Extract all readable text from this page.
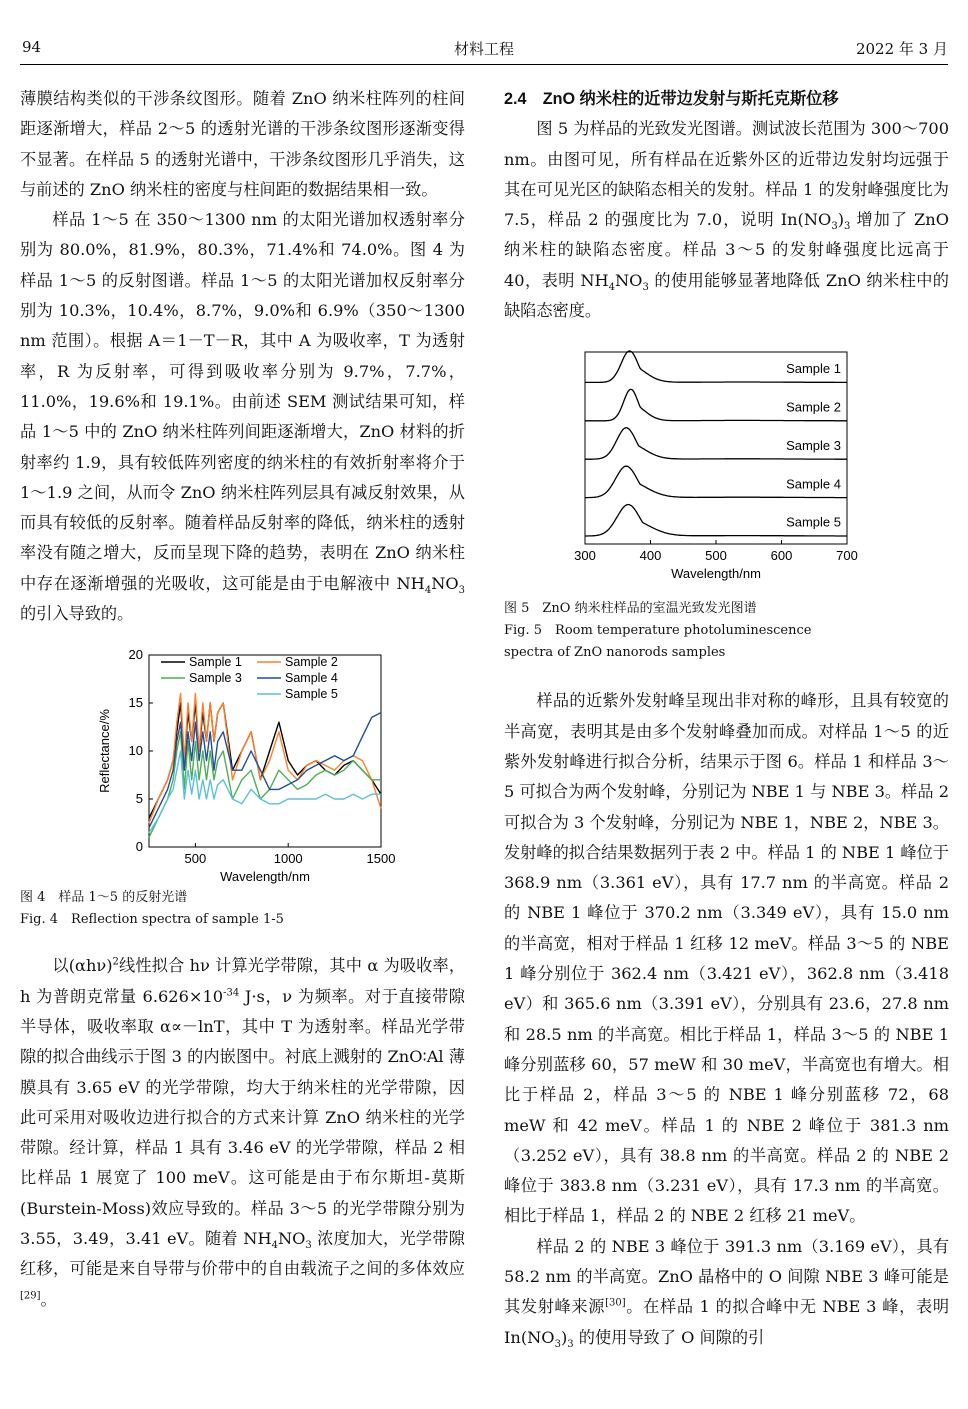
94	材料工程	2022 年 3 月

薄膜结构类似的干涉条纹图形。随着 ZnO 纳米柱阵列的柱间距逐渐增大，样品 2～5 的透射光谱的干涉条纹图形逐渐变得不显著。在样品 5 的透射光谱中，干涉条纹图形几乎消失，这与前述的 ZnO 纳米柱的密度与柱间距的数据结果相一致。

样品 1～5 在 350～1300 nm 的太阳光谱加权透射率分别为 80.0%，81.9%，80.3%，71.4%和 74.0%。图 4 为样品 1～5 的反射图谱。样品 1～5 的太阳光谱加权反射率分别为 10.3%，10.4%，8.7%，9.0%和 6.9%（350～1300 nm 范围）。根据 A＝1－T－R，其中 A 为吸收率，T 为透射率，R 为反射率，可得到吸收率分别为 9.7%，7.7%，11.0%，19.6%和 19.1%。由前述 SEM 测试结果可知，样品 1～5 中的 ZnO 纳米柱阵列间距逐渐增大，ZnO 材料的折射率约 1.9，具有较低阵列密度的纳米柱的有效折射率将介于 1～1.9 之间，从而令 ZnO 纳米柱阵列层具有减反射效果，从而具有较低的反射率。随着样品反射率的降低，纳米柱的透射率没有随之增大，反而呈现下降的趋势，表明在 ZnO 纳米柱中存在逐渐增强的光吸收，这可能是由于电解液中 $NH_4NO_3$ 的引入导致的。

500	1000	1500
0
5
10
15
20
Wavelength/nm
Reflectance/%
Sample 1	Sample 2
Sample 3	Sample 4
Sample 5

图 4　样品 1～5 的反射光谱

Fig. 4　Reflection spectra of sample 1-5

以$(\alpha h\nu)^2$线性拟合 hν 计算光学带隙，其中 α 为吸收率，h 为普朗克常量 $6.626\times 10^{-34}$ J·s，ν 为频率。对于直接带隙半导体，吸收率取 α∝－lnT，其中 T 为透射率。样品光学带隙的拟合曲线示于图 3 的内嵌图中。衬底上溅射的 ZnO∶Al 薄膜具有 3.65 eV 的光学带隙，均大于纳米柱的光学带隙，因此可采用对吸收边进行拟合的方式来计算 ZnO 纳米柱的光学带隙。经计算，样品 1 具有 3.46 eV 的光学带隙，样品 2 相比样品 1 展宽了 100 meV。这可能是由于布尔斯坦-莫斯(Burstein-Moss)效应导致的。样品 3～5 的光学带隙分别为 3.55，3.49，3.41 eV。随着 $NH_4NO_3$ 浓度加大，光学带隙红移，可能是来自导带与价带中的自由载流子之间的多体效应[29]。

2.4　ZnO 纳米柱的近带边发射与斯托克斯位移

图 5 为样品的光致发光图谱。测试波长范围为 300～700 nm。由图可见，所有样品在近紫外区的近带边发射均远强于其在可见光区的缺陷态相关的发射。样品 1 的发射峰强度比为 7.5，样品 2 的强度比为 7.0，说明 $In(NO_3)_3$ 增加了 ZnO 纳米柱的缺陷态密度。样品 3～5 的发射峰强度比远高于 40，表明 $NH_4NO_3$ 的使用能够显著地降低 ZnO 纳米柱中的缺陷态密度。

Sample 1
Sample 2
Sample 3
Sample 4
Sample 5
300	400	500	600	700
Wavelength/nm

图 5　ZnO 纳米柱样品的室温光致发光图谱

Fig. 5　Room temperature photoluminescence

spectra of ZnO nanorods samples

样品的近紫外发射峰呈现出非对称的峰形，且具有较宽的半高宽，表明其是由多个发射峰叠加而成。对样品 1～5 的近紫外发射峰进行拟合分析，结果示于图 6。样品 1 和样品 3～5 可拟合为两个发射峰，分别记为 NBE 1 与 NBE 3。样品 2 可拟合为 3 个发射峰，分别记为 NBE 1，NBE 2，NBE 3。发射峰的拟合结果数据列于表 2 中。样品 1 的 NBE 1 峰位于 368.9 nm（3.361 eV），具有 17.7 nm 的半高宽。样品 2 的 NBE 1 峰位于 370.2 nm（3.349 eV），具有 15.0 nm 的半高宽，相对于样品 1 红移 12 meV。样品 3～5 的 NBE 1 峰分别位于 362.4 nm（3.421 eV），362.8 nm（3.418 eV）和 365.6 nm（3.391 eV），分别具有 23.6，27.8 nm 和 28.5 nm 的半高宽。相比于样品 1，样品 3～5 的 NBE 1 峰分别蓝移 60，57 meW 和 30 meV，半高宽也有增大。相比于样品 2，样品 3～5 的 NBE 1 峰分别蓝移 72，68 meW 和 42 meV。样品 1 的 NBE 2 峰位于 381.3 nm（3.252 eV），具有 38.8 nm 的半高宽。样品 2 的 NBE 2 峰位于 383.8 nm（3.231 eV），具有 17.3 nm 的半高宽。相比于样品 1，样品 2 的 NBE 2 红移 21 meV。

样品 2 的 NBE 3 峰位于 391.3 nm（3.169 eV），具有 58.2 nm 的半高宽。ZnO 晶格中的 O 间隙 NBE 3 峰可能是其发射峰来源[30]。在样品 1 的拟合峰中无 NBE 3 峰，表明 $In(NO_3)_3$ 的使用导致了 O 间隙的引
